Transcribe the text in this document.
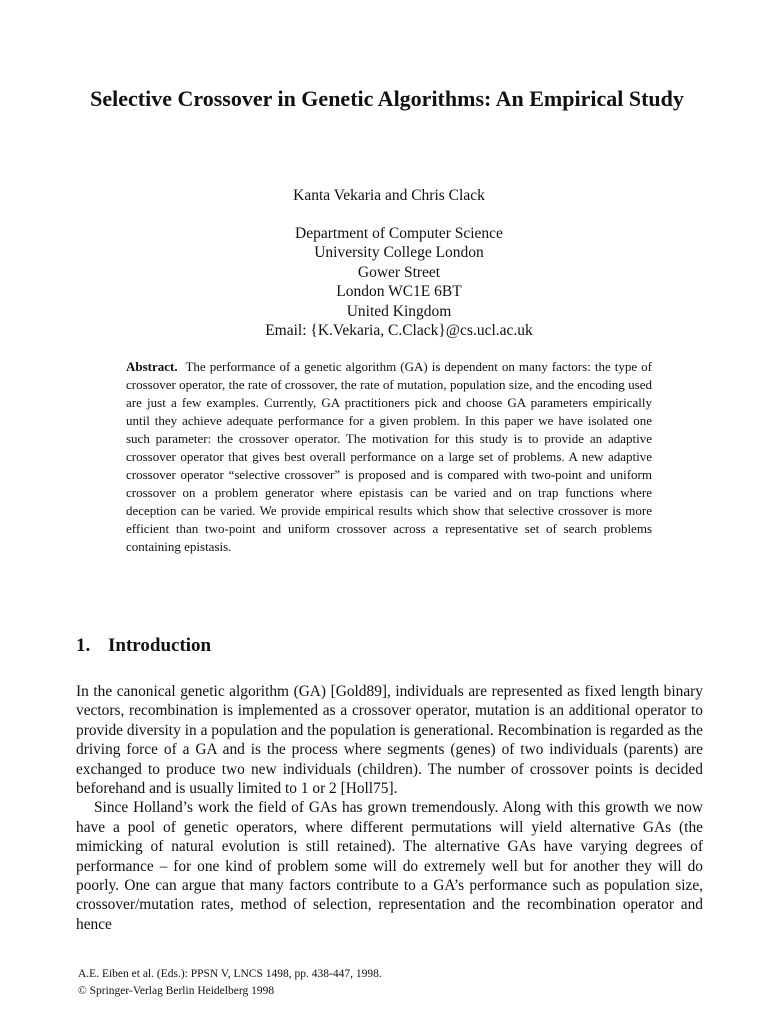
Selective Crossover in Genetic Algorithms: An Empirical Study
Kanta Vekaria and Chris Clack
Department of Computer Science
University College London
Gower Street
London WC1E 6BT
United Kingdom
Email: {K.Vekaria, C.Clack}@cs.ucl.ac.uk
Abstract. The performance of a genetic algorithm (GA) is dependent on many factors: the type of crossover operator, the rate of crossover, the rate of mutation, population size, and the encoding used are just a few examples. Currently, GA practitioners pick and choose GA parameters empirically until they achieve adequate performance for a given problem. In this paper we have isolated one such parameter: the crossover operator. The motivation for this study is to provide an adaptive crossover operator that gives best overall performance on a large set of problems. A new adaptive crossover operator “selective crossover” is proposed and is compared with two-point and uniform crossover on a problem generator where epistasis can be varied and on trap functions where deception can be varied. We provide empirical results which show that selective crossover is more efficient than two-point and uniform crossover across a representative set of search problems containing epistasis.
1. Introduction

In the canonical genetic algorithm (GA) [Gold89], individuals are represented as fixed length binary vectors, recombination is implemented as a crossover operator, mutation is an additional operator to provide diversity in a population and the population is generational. Recombination is regarded as the driving force of a GA and is the process where segments (genes) of two individuals (parents) are exchanged to produce two new individuals (children). The number of crossover points is decided beforehand and is usually limited to 1 or 2 [Holl75].

Since Holland’s work the field of GAs has grown tremendously. Along with this growth we now have a pool of genetic operators, where different permutations will yield alternative GAs (the mimicking of natural evolution is still retained). The alternative GAs have varying degrees of performance – for one kind of problem some will do extremely well but for another they will do poorly. One can argue that many factors contribute to a GA’s performance such as population size, crossover/mutation rates, method of selection, representation and the recombination operator and hence

A.E. Eiben et al. (Eds.): PPSN V, LNCS 1498, pp. 438-447, 1998.
© Springer-Verlag Berlin Heidelberg 1998
